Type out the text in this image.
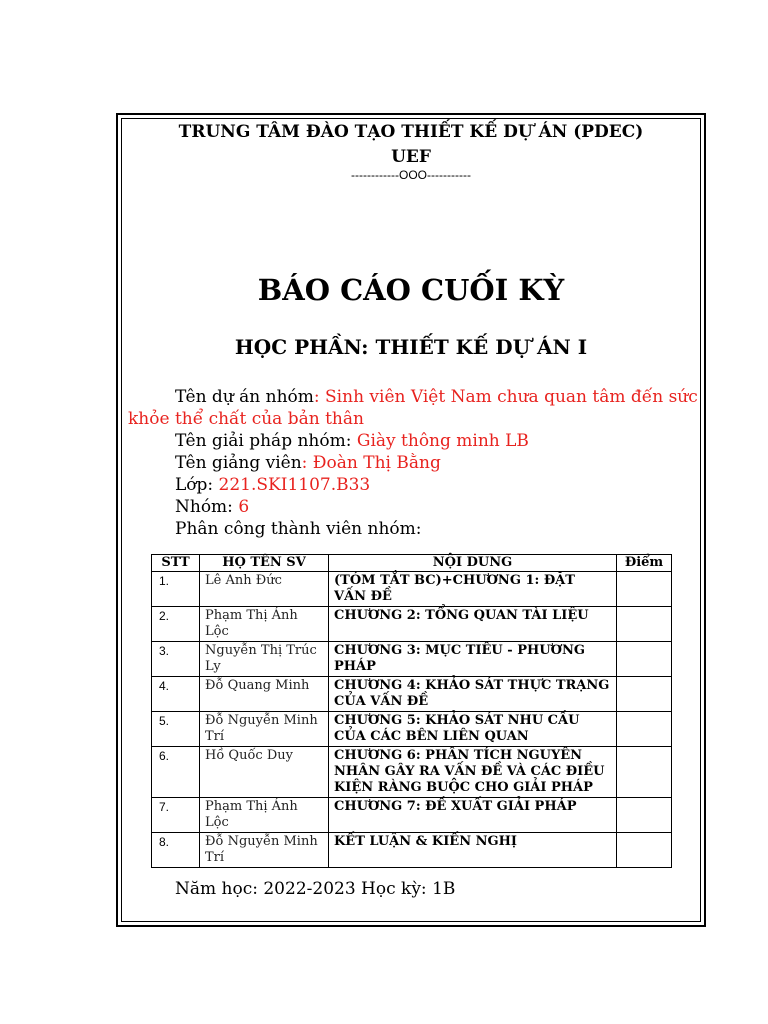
TRUNG TÂM ĐÀO TẠO THIẾT KẾ DỰ ÁN (PDEC)
UEF
------------OOO-----------
BÁO CÁO CUỐI KỲ
HỌC PHẦN: THIẾT KẾ DỰ ÁN I
Tên dự án nhóm: Sinh viên Việt Nam chưa quan tâm đến sức
khỏe thể chất của bản thân
Tên giải pháp nhóm: Giày thông minh LB
Tên giảng viên: Đoàn Thị Bằng
Lớp: 221.SKI1107.B33
Nhóm: 6
Phân công thành viên nhóm:
STT	HỌ TÊN SV	NỘI DUNG	Điểm
1.	Lê Anh Đức	(TÓM TẮT BC)+CHƯƠNG 1: ĐẶT VẤN ĐỀ	
2.	Phạm Thị Ánh Lộc	CHƯƠNG 2: TỔNG QUAN TÀI LIỆU	
3.	Nguyễn Thị Trúc Ly	CHƯƠNG 3: MỤC TIÊU - PHƯƠNG PHÁP	
4.	Đỗ Quang Minh	CHƯƠNG 4: KHẢO SÁT THỰC TRẠNG CỦA VẤN ĐỀ	
5.	Đỗ Nguyễn Minh Trí	CHƯƠNG 5: KHẢO SÁT NHU CẦU CỦA CÁC BÊN LIÊN QUAN	
6.	Hồ Quốc Duy	CHƯƠNG 6: PHÂN TÍCH NGUYÊN NHÂN GÂY RA VẤN ĐỀ VÀ CÁC ĐIỀU KIỆN RÀNG BUỘC CHO GIẢI PHÁP	
7.	Phạm Thị Ánh Lộc	CHƯƠNG 7: ĐỀ XUẤT GIẢI PHÁP	
8.	Đỗ Nguyễn Minh Trí	KẾT LUẬN & KIẾN NGHỊ	
Năm học: 2022-2023 Học kỳ: 1B
